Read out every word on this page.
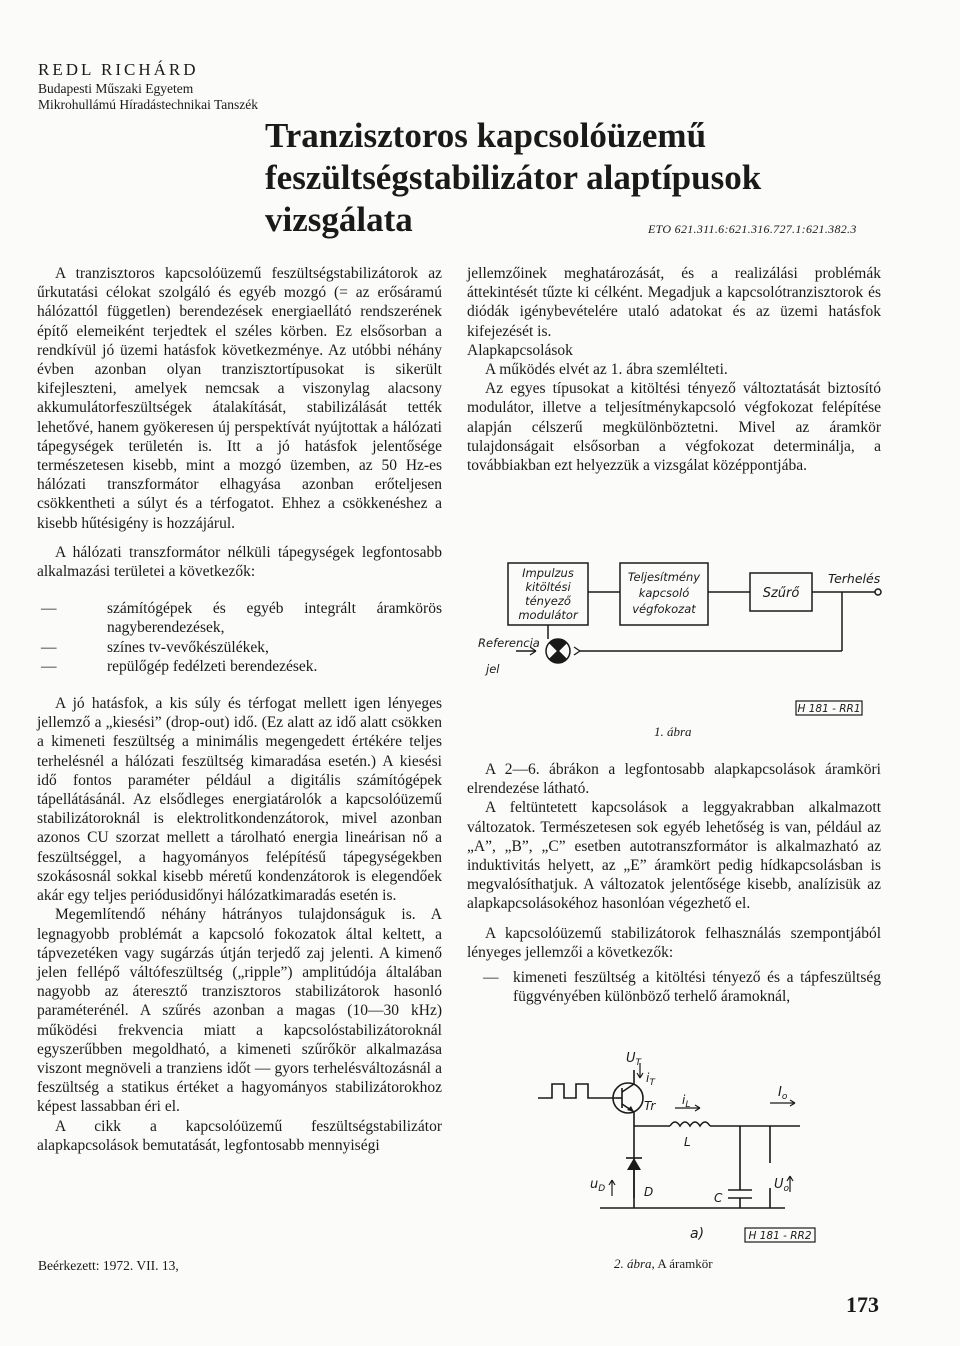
REDL RICHÁRD
Budapesti Műszaki Egyetem
Mikrohullámú Híradástechnikai Tanszék
Tranzisztoros kapcsolóüzemű
feszültségstabilizátor alaptípusok
vizsgálata	ETO 621.311.6:621.316.727.1:621.382.3

A tranzisztoros kapcsolóüzemű feszültségstabilizátorok az űrkutatási célokat szolgáló és egyéb mozgó (= az erősáramú hálózattól független) berendezések energiaellátó rendszerének építő elemeiként terjedtek el széles körben. Ez elsősorban a rendkívül jó üzemi hatásfok következménye. Az utóbbi néhány évben azonban olyan tranzisztortípusokat is sikerült kifejleszteni, amelyek nemcsak a viszonylag alacsony akkumulátorfeszültségek átalakítását, stabilizálását tették lehetővé, hanem gyökeresen új perspektívát nyújtottak a hálózati tápegységek területén is. Itt a jó hatásfok jelentősége természetesen kisebb, mint a mozgó üzemben, az 50 Hz-es hálózati transzformátor elhagyása azonban erőteljesen csökkentheti a súlyt és a térfogatot. Ehhez a csökkenéshez a kisebb hűtésigény is hozzájárul.

A hálózati transzformátor nélküli tápegységek legfontosabb alkalmazási területei a következők:

—	számítógépek és egyéb integrált áramkörös nagyberendezések,

—	színes tv-vevőkészülékek,

—	repülőgép fedélzeti berendezések.

A jó hatásfok, a kis súly és térfogat mellett igen lényeges jellemző a „kiesési” (drop-out) idő. (Ez alatt az idő alatt csökken a kimeneti feszültség a minimális megengedett értékére teljes terhelésnél a hálózati feszültség kimaradása esetén.) A kiesési idő fontos paraméter például a digitális számítógépek tápellátásánál. Az elsődleges energiatárolók a kapcsolóüzemű stabilizátoroknál is elektrolitkondenzátorok, mivel azonban azonos CU szorzat mellett a tárolható energia lineárisan nő a feszültséggel, a hagyományos felépítésű tápegységekben szokásosnál sokkal kisebb méretű kondenzátorok is elegendőek akár egy teljes periódusidőnyi hálózatkimaradás esetén is.

Megemlítendő néhány hátrányos tulajdonságuk is. A legnagyobb problémát a kapcsoló fokozatok által keltett, a tápvezetéken vagy sugárzás útján terjedő zaj jelenti. A kimenő jelen fellépő váltófeszültség („ripple”) amplitúdója általában nagyobb az áteresztő tranzisztoros stabilizátorok hasonló paraméterénél. A szűrés azonban a magas (10—30 kHz) működési frekvencia miatt a kapcsolóstabilizátoroknál egyszerűbben megoldható, a kimeneti szűrőkör alkalmazása viszont megnöveli a tranziens időt — gyors terhelésváltozásnál a feszültség a statikus értéket a hagyományos stabilizátorokhoz képest lassabban éri el.

A cikk a kapcsolóüzemű feszültségstabilizátor alapkapcsolások bemutatását, legfontosabb mennyiségi

jellemzőinek meghatározását, és a realizálási problémák áttekintését tűzte ki célként. Megadjuk a kapcsolótranzisztorok és diódák igénybevételére utaló adatokat és az üzemi hatásfok kifejezését is.

Alapkapcsolások

A működés elvét az 1. ábra szemlélteti.

Az egyes típusokat a kitöltési tényező változtatását biztosító modulátor, illetve a teljesítménykapcsoló végfokozat felépítése alapján célszerű megkülönböztetni. Mivel az áramkör tulajdonságait elsősorban a végfokozat determinálja, a továbbiakban ezt helyezzük a vizsgálat középpontjába.

Impulzus
kitöltési
tényező
modulátor
Teljesítmény
kapcsoló
végfokozat
Szűrő
Terhelés
Referencia
jel
H 181 - RR1
1. ábra

A 2—6. ábrákon a legfontosabb alapkapcsolások áramköri elrendezése látható.

A feltüntetett kapcsolások a leggyakrabban alkalmazott változatok. Természetesen sok egyéb lehetőség is van, például az „A”, „B”, „C” esetben autotranszformátor is alkalmazható az induktivitás helyett, az „E” áramkört pedig hídkapcsolásban is megvalósíthatjuk. A változatok jelentősége kisebb, analízisük az alapkapcsolásokéhoz hasonlóan végezhető el.

A kapcsolóüzemű stabilizátorok felhasználás szempontjából lényeges jellemzői a következők:

— kimeneti feszültség a kitöltési tényező és a tápfeszültség függvényében különböző terhelő áramoknál,

$U_T$
$i_T$
Tr $i_L$
L
$I_o$
$u_D$	D	C
$U_o$
a)	H 181 - RR2
2. ábra, A áramkör
Beérkezett: 1972. VII. 13,
173
